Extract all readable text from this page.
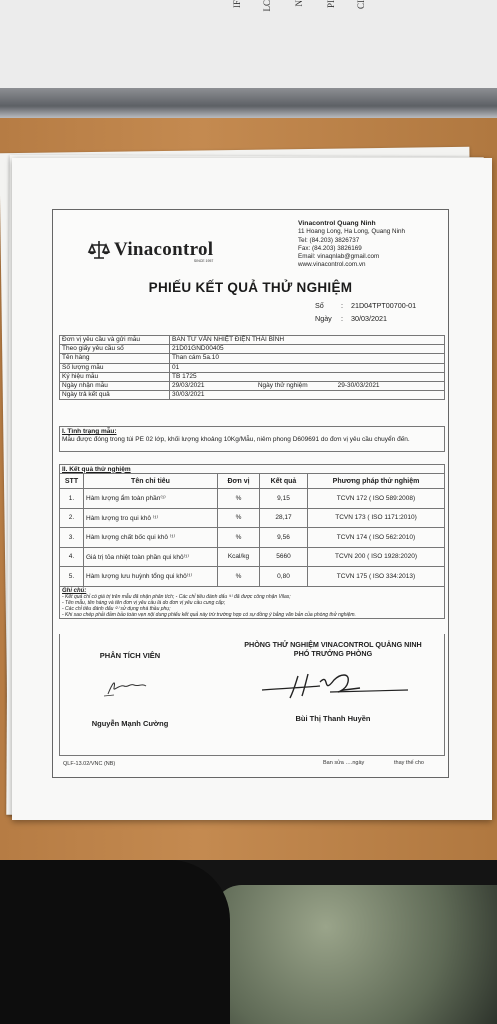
IF LC N PI CI
Vinacontrol
SINCE 1957
Vinacontrol Quang Ninh
11 Hoang Long, Ha Long, Quang Ninh
Tel: (84.203) 3826737
Fax: (84.203) 3826169
Email: vinaqnlab@gmail.com
www.vinacontrol.com.vn
PHIẾU KẾT QUẢ THỬ NGHIỆM
Số	:	21D04TPT00700-01
Ngày	:	30/03/2021
Đơn vị yêu cầu và gửi mẫu	BAN TƯ VẤN NHIỆT ĐIỆN THÁI BÌNH
Theo giấy yêu cầu số	21D01GND00405
Tên hàng	Than cám 5a.10
Số lượng mẫu	01
Ký hiệu mẫu	TB 1725
Ngày nhận mẫu	29/03/2021 Ngày thử nghiệm 29-30/03/2021
Ngày trả kết quả	30/03/2021
I. Tình trạng mẫu:
Mẫu được đóng trong túi PE 02 lớp, khối lượng khoảng 10Kg/Mẫu, niêm phong D609691 do đơn vị yêu cầu chuyển đến.
II. Kết quả thử nghiệm				
STT	Tên chỉ tiêu	Đơn vị	Kết quả	Phương pháp thử nghiệm
1.	Hàm lượng ẩm toàn phần⁽¹⁾	%	9,15	TCVN 172 ( ISO 589:2008)
2.	Hàm lượng tro qui khô ⁽¹⁾	%	28,17	TCVN 173 ( ISO 1171:2010)
3.	Hàm lượng chất bốc qui khô ⁽¹⁾	%	9,56	TCVN 174 ( ISO 562:2010)
4.	Giá trị tỏa nhiệt toàn phần qui khô⁽¹⁾	Kcal/kg	5660	TCVN 200 ( ISO 1928:2020)
5.	Hàm lượng lưu huỳnh tổng qui khô⁽¹⁾	%	0,80	TCVN 175 ( ISO 334:2013)

Ghi chú:
- Kết quả chỉ có giá trị trên mẫu đã nhận phân tích; - Các chỉ tiêu đánh dấu ⁽¹⁾ đã được công nhận Vilas;
- Tên mẫu, tên hàng và tên đơn vị yêu cầu là do đơn vị yêu cầu cung cấp;
- Các chỉ tiêu đánh dấu ⁽²⁾ sử dụng nhà thầu phụ;
- Khi sao chép phải đảm bảo toàn vẹn nội dung phiếu kết quả này trừ trường hợp có sự đồng ý bằng văn bản của phòng thử nghiệm.				
PHÒNG THỬ NGHIỆM VINACONTROL QUẢNG NINH
PHÓ TRƯỞNG PHÒNG
PHÂN TÍCH VIÊN
Nguyễn Mạnh Cường
Bùi Thị Thanh Huyền
QLF-13.02/VNC (NB)	Ban sửa ….ngày	thay thế cho
